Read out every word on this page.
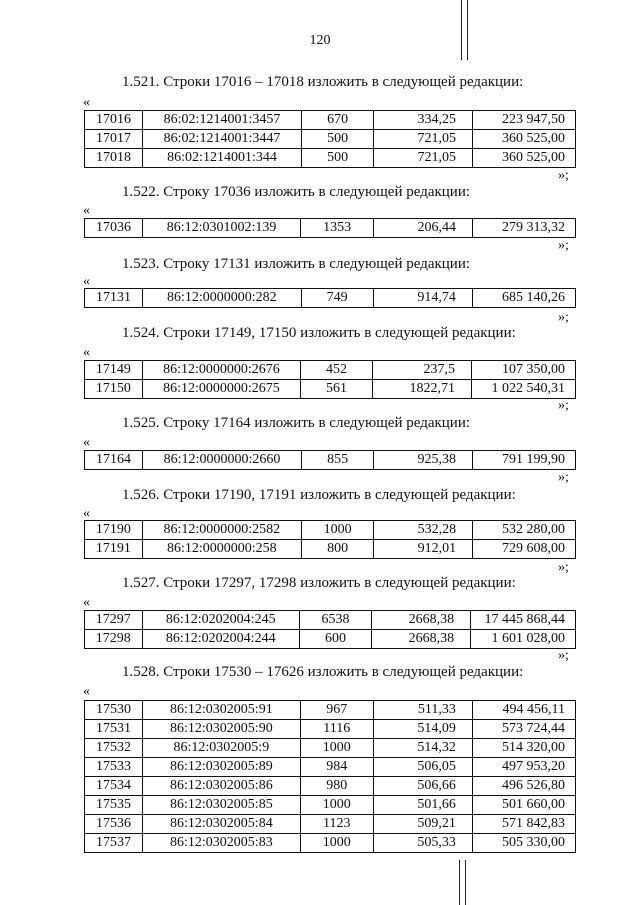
120
1.521. Строки 17016 – 17018 изложить в следующей редакции:
«
17016	86:02:1214001:3457	670	334,25	223 947,50
17017	86:02:1214001:3447	500	721,05	360 525,00
17018	86:02:1214001:344	500	721,05	360 525,00
»;
1.522. Строку 17036 изложить в следующей редакции:
«
17036	86:12:0301002:139	1353	206,44	279 313,32
»;
1.523. Строку 17131 изложить в следующей редакции:
«
17131	86:12:0000000:282	749	914,74	685 140,26
»;
1.524. Строки 17149, 17150 изложить в следующей редакции:
«
17149	86:12:0000000:2676	452	237,5	107 350,00
17150	86:12:0000000:2675	561	1822,71	1 022 540,31
»;
1.525. Строку 17164 изложить в следующей редакции:
«
17164	86:12:0000000:2660	855	925,38	791 199,90
»;
1.526. Строки 17190, 17191 изложить в следующей редакции:
«
17190	86:12:0000000:2582	1000	532,28	532 280,00
17191	86:12:0000000:258	800	912,01	729 608,00
»;
1.527. Строки 17297, 17298 изложить в следующей редакции:
«
17297	86:12:0202004:245	6538	2668,38	17 445 868,44
17298	86:12:0202004:244	600	2668,38	1 601 028,00
»;
1.528. Строки 17530 – 17626 изложить в следующей редакции:
«
17530	86:12:0302005:91	967	511,33	494 456,11
17531	86:12:0302005:90	1116	514,09	573 724,44
17532	86:12:0302005:9	1000	514,32	514 320,00
17533	86:12:0302005:89	984	506,05	497 953,20
17534	86:12:0302005:86	980	506,66	496 526,80
17535	86:12:0302005:85	1000	501,66	501 660,00
17536	86:12:0302005:84	1123	509,21	571 842,83
17537	86:12:0302005:83	1000	505,33	505 330,00
